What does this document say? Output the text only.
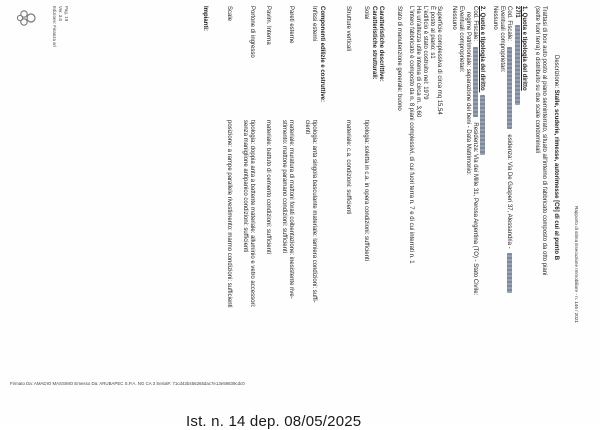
Rapporto di stima Esecuzione Immobiliare - n. 146 / 2021
Descrizione: Stalle, scuderie, rimesse, autorimesse [C6] di cui al punto B
Trattasi di box auto posto al piano seminterrato, situato all'interno di fabbricato composto da otto piani
(sette fuori terra) e distribuito su due scale condominiali
1. Quota e tipologia del diritto
27/1
Cod. Fiscale:  esidenza: Via De Gasperi 37, Alessandria -
Eventuali comproprietari:
Nessuno
2. Quota e tipologia del diritto
Cod. Fiscale:  Residenza: Via dei Mille 31, Perosa Argentina (TO) - Stato Civile:
regime Patrimoniale: separazione dei beni - Data Matrimonio:
Eventuali comproprietari:
Nessuno
Superficie complessiva di circa mq 15,54
È posto al piano: s1
L'edificio è stato costruito nel: 1979
Ha un'altezza utile interna di circa m. 3,60
L'intero fabbricato è composto da n. 8 piani complessivi, di cui fuori terra n. 7 e di cui interrati n. 1
Stato di manutenzione generale: buono
Caratteristiche descrittive:
Caratteristiche strutturali:
Solai
tipologia: soletta in c.a. in opera condizioni: sufficienti
Strutture verticali
materiale: c.a. condizioni: sufficienti
Componenti edilizie e costruttive:
Infissi esterni
tipologia: anta singola basculante materiale: lamiera condizioni: suffi-
cienti
Pareti esterne
materiale: muratura di mattoni forati coibentazione: inesistente rive-
stimento: mattone paramano condizioni: sufficienti
Pavim. Interna
materiale: battuto di cemento condizioni: sufficienti
Portone di ingresso
tipologia: doppia anta a battente materiale: alluminio e vetro accessori:
senza maniglione antipanico condizioni: sufficienti
Scale
posizione: a rampe parallele rivestimento: marmo condizioni: sufficienti
Impianti:
Pag. 19
Ver. 3.0
Edizione: Finanza srl
Firmato Da: AMADIO MASSIMO Emesso Da: ARUBAPEC S.P.A. NG CA 3 Serial#: 71cd43b456265dac7e13e59839cdc0
Ist. n. 14 dep. 08/05/2025
